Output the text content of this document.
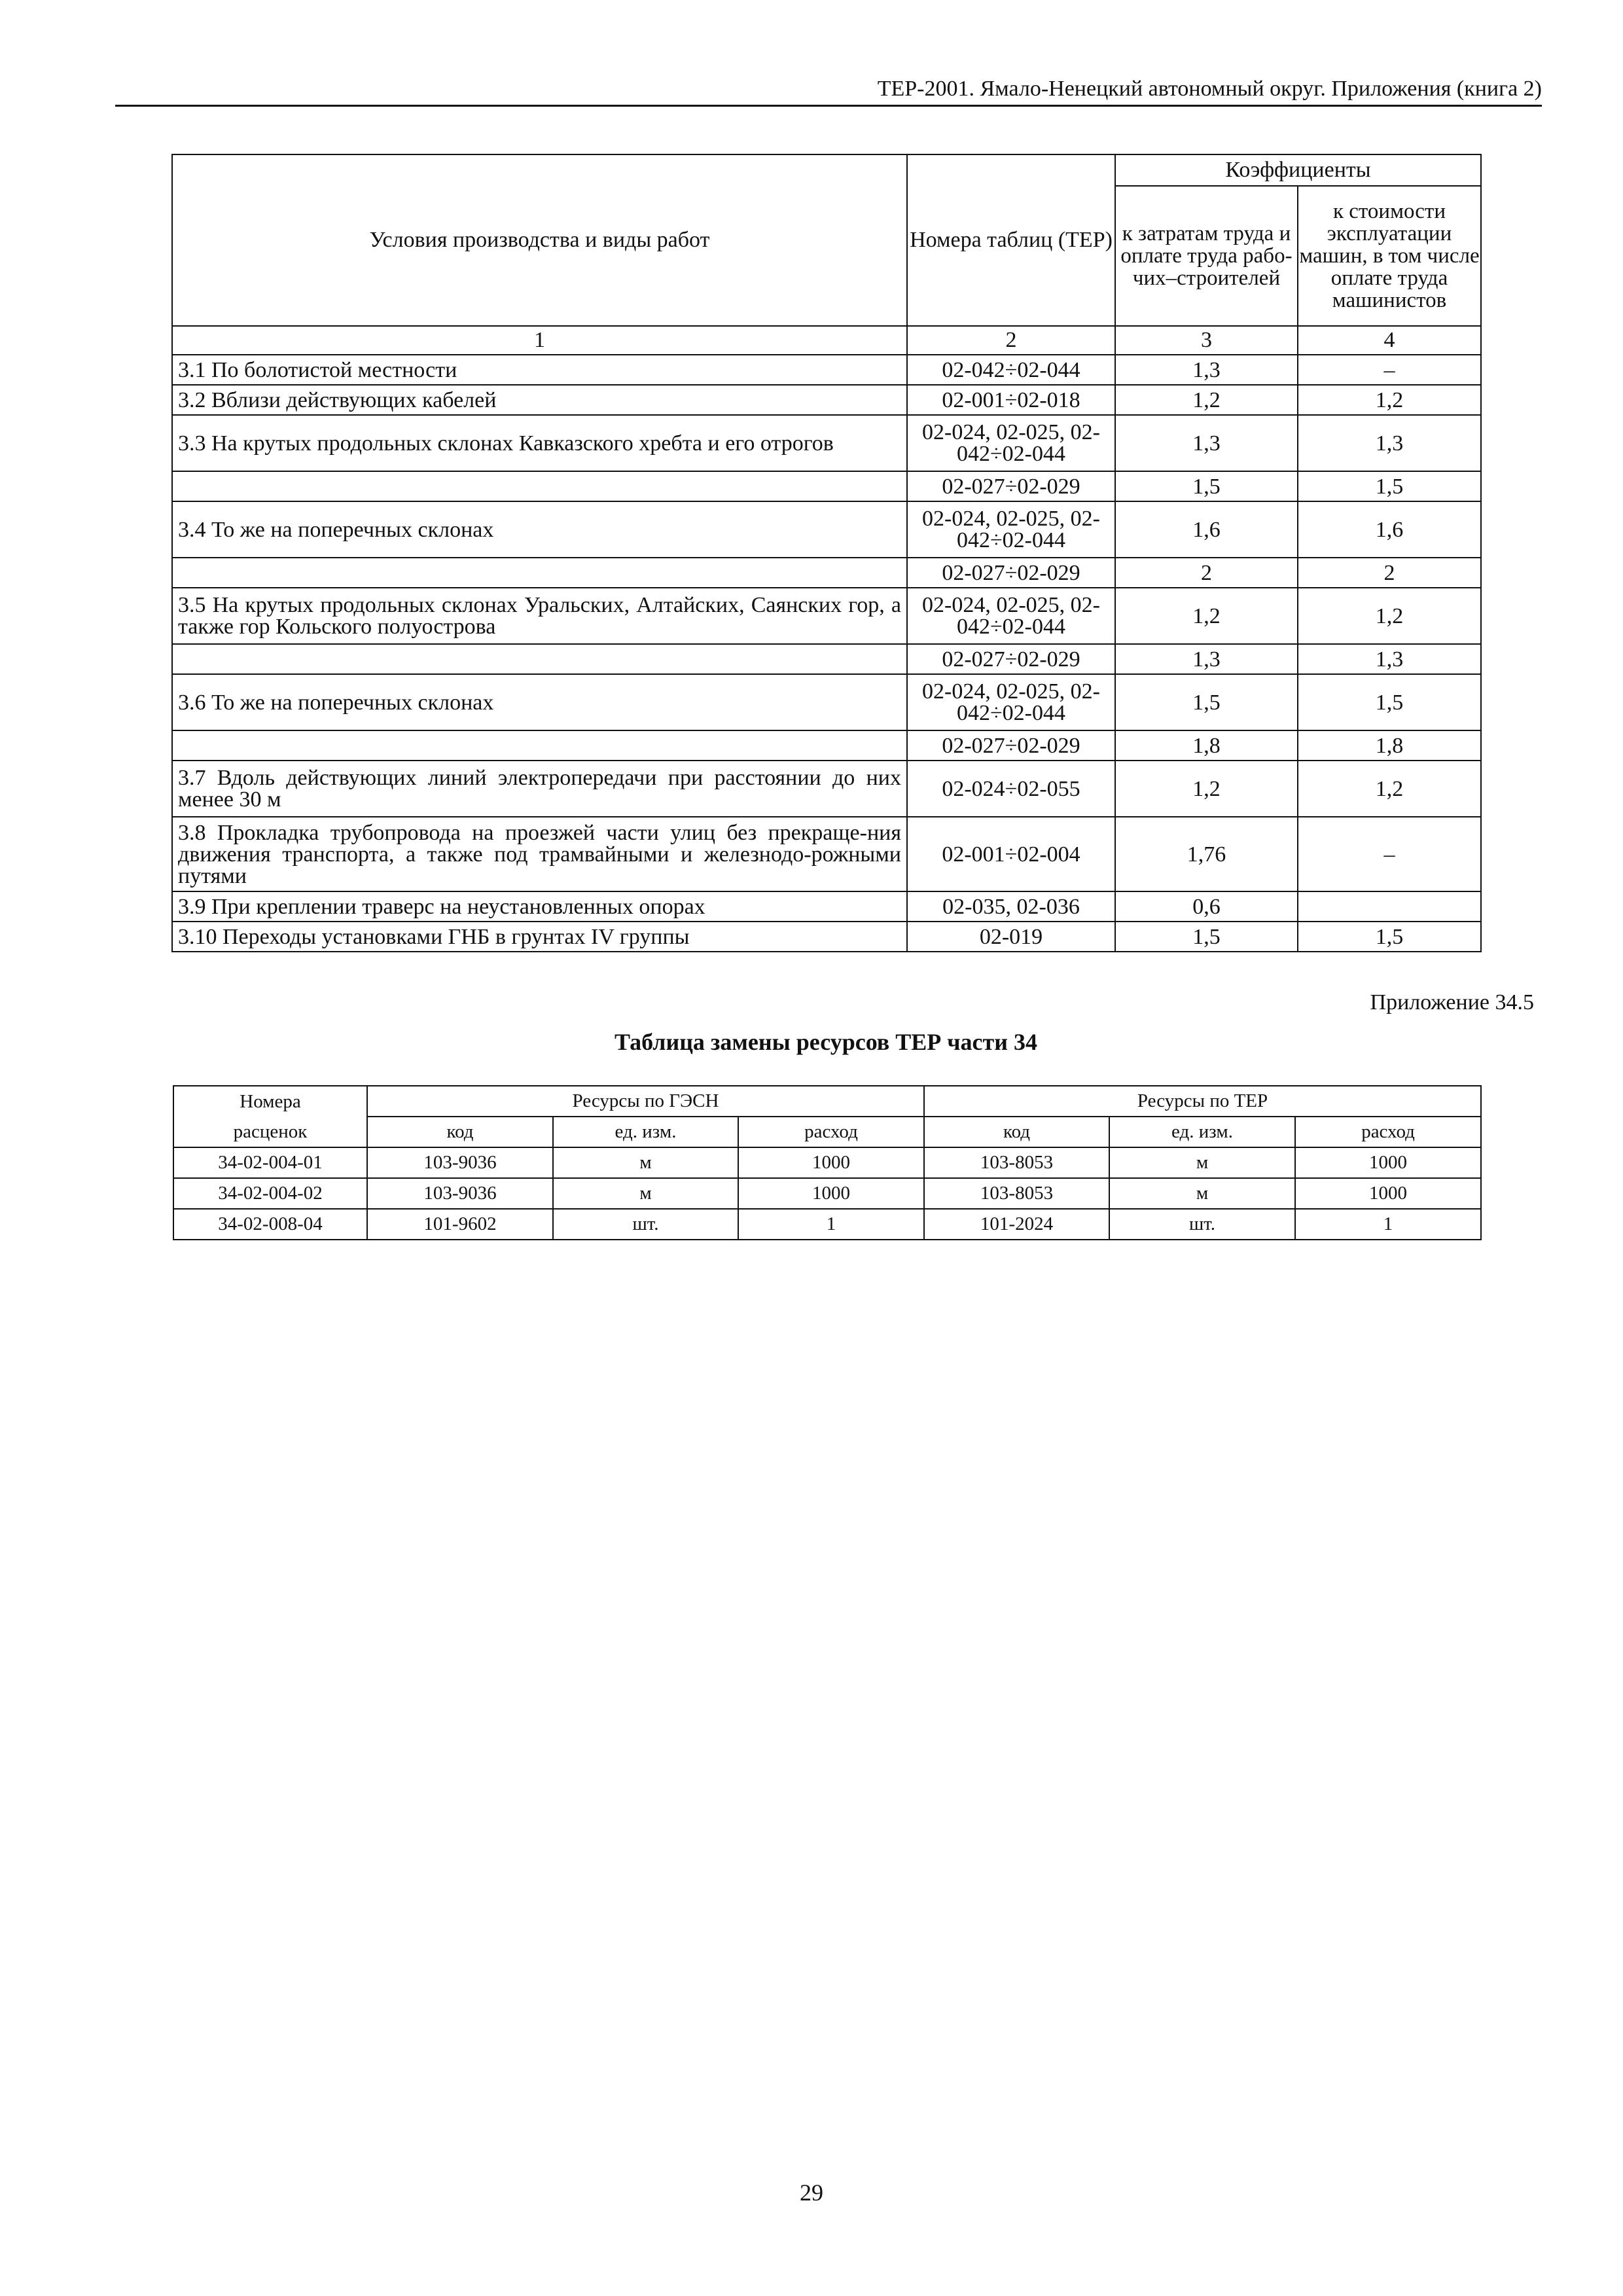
ТЕР-2001. Ямало-Ненецкий автономный округ. Приложения (книга 2)
Условия производства и виды работ	Номера таблиц (ТЕР)	Коэффициенты	
		к затратам труда и оплате труда рабо-чих–строителей	к стоимости эксплуатации машин, в том числе оплате труда машинистов
1	2	3	4
3.1 По болотистой местности	02-042÷02-044	1,3	–
3.2 Вблизи действующих кабелей	02-001÷02-018	1,2	1,2
3.3 На крутых продольных склонах Кавказского хребта и его отрогов	02-024, 02-025, 02-042÷02-044	1,3	1,3
	02-027÷02-029	1,5	1,5
3.4 То же на поперечных склонах	02-024, 02-025, 02-042÷02-044	1,6	1,6
	02-027÷02-029	2	2
3.5 На крутых продольных склонах Уральских, Алтайских, Саянских гор, а также гор Кольского полуострова	02-024, 02-025, 02-042÷02-044	1,2	1,2
	02-027÷02-029	1,3	1,3
3.6 То же на поперечных склонах	02-024, 02-025, 02-042÷02-044	1,5	1,5
	02-027÷02-029	1,8	1,8
3.7 Вдоль действующих линий электропередачи при расстоянии до них менее 30 м	02-024÷02-055	1,2	1,2
3.8 Прокладка трубопровода на проезжей части улиц без прекраще-ния движения транспорта, а также под трамвайными и железнодо-рожными путями	02-001÷02-004	1,76	–
3.9 При креплении траверс на неустановленных опорах	02-035, 02-036	0,6	
3.10 Переходы установками ГНБ в грунтах IV группы	02-019	1,5	1,5
Приложение 34.5
Таблица замены ресурсов ТЕР части 34
Номера	Ресурсы по ГЭСН			Ресурсы по ТЕР		
расценок	код	ед. изм.	расход	код	ед. изм.	расход
34-02-004-01	103-9036	м	1000	103-8053	м	1000
34-02-004-02	103-9036	м	1000	103-8053	м	1000
34-02-008-04	101-9602	шт.	1	101-2024	шт.	1
29
